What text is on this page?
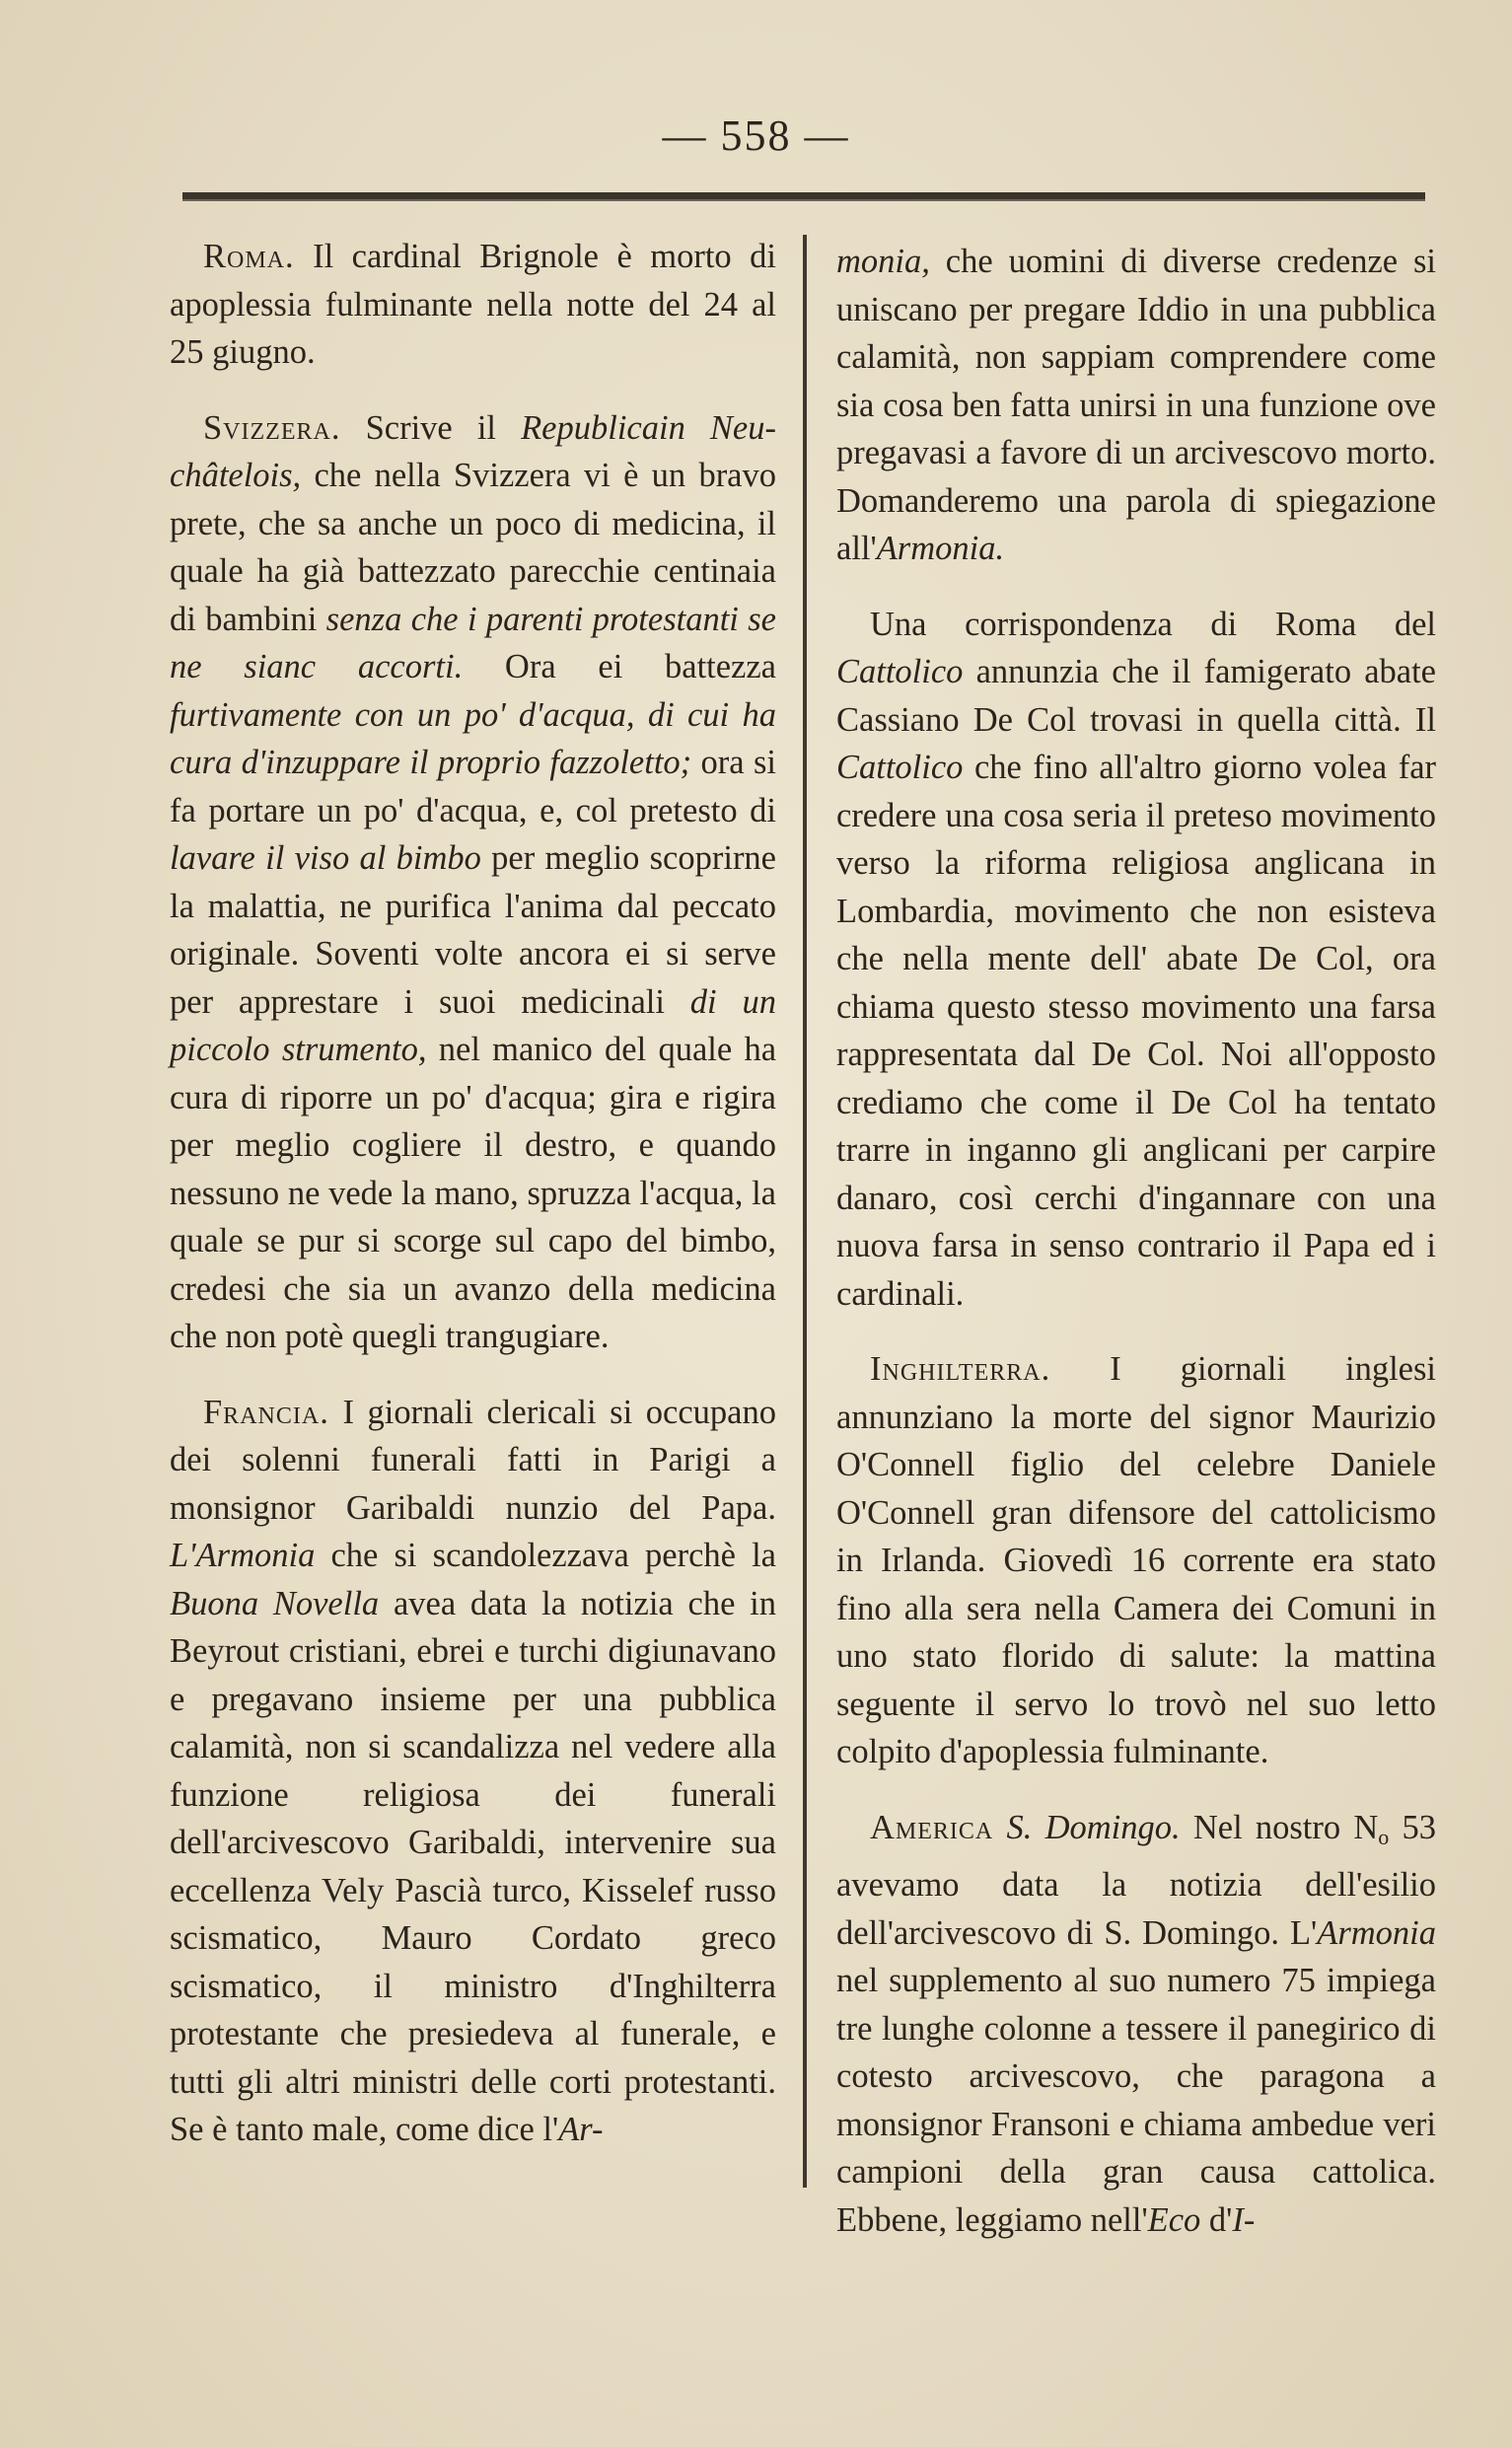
— 558 —

Roma. Il cardinal Brignole è morto di apoplessia fulminante nella notte del 24 al 25 giugno.

Svizzera. Scrive il Republicain Neu-châtelois, che nella Svizzera vi è un bravo prete, che sa anche un poco di medicina, il quale ha già battezzato parecchie centinaia di bambini senza che i parenti protestanti se ne sianc accorti. Ora ei battezza furtivamente con un po' d'acqua, di cui ha cura d'inzuppare il proprio fazzoletto; ora si fa portare un po' d'acqua, e, col pretesto di lavare il viso al bimbo per meglio scoprirne la malattia, ne purifica l'anima dal peccato originale. Soventi volte ancora ei si serve per apprestare i suoi medicinali di un piccolo strumento, nel manico del quale ha cura di riporre un po' d'acqua; gira e rigira per meglio cogliere il destro, e quando nessuno ne vede la mano, spruzza l'acqua, la quale se pur si scorge sul capo del bimbo, credesi che sia un avanzo della medicina che non potè quegli trangugiare.

Francia. I giornali clericali si occupano dei solenni funerali fatti in Parigi a monsignor Garibaldi nunzio del Papa. L'Armonia che si scandolezzava perchè la Buona Novella avea data la notizia che in Beyrout cristiani, ebrei e turchi digiunavano e pregavano insieme per una pubblica calamità, non si scandalizza nel vedere alla funzione religiosa dei funerali dell'arcivescovo Garibaldi, intervenire sua eccellenza Vely Pascià turco, Kisselef russo scismatico, Mauro Cordato greco scismatico, il ministro d'Inghilterra protestante che presiedeva al funerale, e tutti gli altri ministri delle corti protestanti. Se è tanto male, come dice l'Ar-

monia, che uomini di diverse credenze si uniscano per pregare Iddio in una pubblica calamità, non sappiam comprendere come sia cosa ben fatta unirsi in una funzione ove pregavasi a favore di un arcivescovo morto. Domanderemo una parola di spiegazione all'Armonia.

Una corrispondenza di Roma del Cattolico annunzia che il famigerato abate Cassiano De Col trovasi in quella città. Il Cattolico che fino all'altro giorno volea far credere una cosa seria il preteso movimento verso la riforma religiosa anglicana in Lombardia, movimento che non esisteva che nella mente dell' abate De Col, ora chiama questo stesso movimento una farsa rappresentata dal De Col. Noi all'opposto crediamo che come il De Col ha tentato trarre in inganno gli anglicani per carpire danaro, così cerchi d'ingannare con una nuova farsa in senso contrario il Papa ed i cardinali.

Inghilterra. I giornali inglesi annunziano la morte del signor Maurizio O'Connell figlio del celebre Daniele O'Connell gran difensore del cattolicismo in Irlanda. Giovedì 16 corrente era stato fino alla sera nella Camera dei Comuni in uno stato florido di salute: la mattina seguente il servo lo trovò nel suo letto colpito d'apoplessia fulminante.

America S. Domingo. Nel nostro $N_o$ 53 avevamo data la notizia dell'esilio dell'arcivescovo di S. Domingo. L'Armonia nel supplemento al suo numero 75 impiega tre lunghe colonne a tessere il panegirico di cotesto arcivescovo, che paragona a monsignor Fransoni e chiama ambedue veri campioni della gran causa cattolica. Ebbene, leggiamo nell'Eco d'I-
